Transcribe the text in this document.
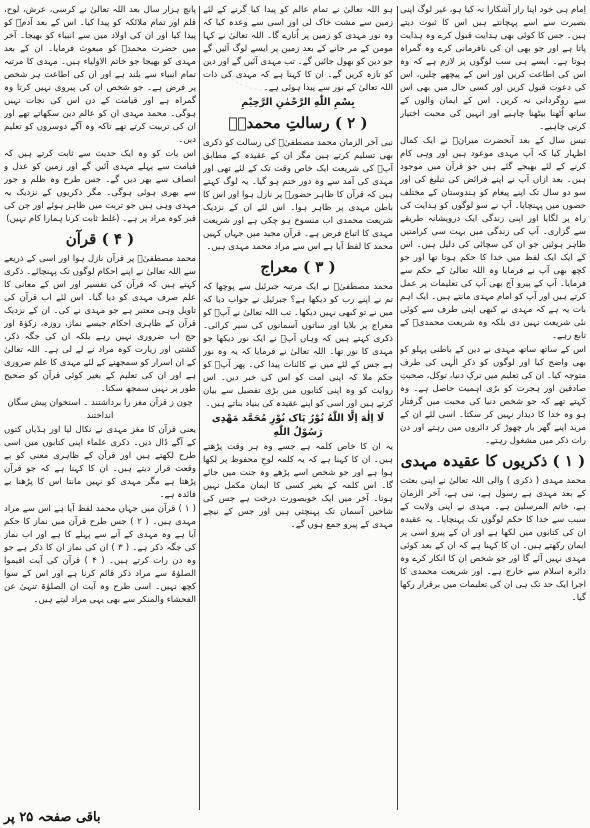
اِمام ہی خود اپنا راز آشکارا نہ کیا ہو، غیر لوگ اپنی بصیرت سے اسے پہچانتے ہیں اس کا ثبوت دیتے ہیں۔ جس کا کوئی بھی ہدایت قبول کرے وہ ہدایت پاتا ہے اور جو بھی ان کی نافرمانی کرے وہ گمراہ ہوتا ہے۔ ایسے ہی سب لوگوں پر لازم ہے کہ وہ اس کی اطاعت کریں اور اس کے پیچھے چلیں، اس کی دعوت قبول کریں اور کسی حال میں بھی اس سے روگردانی نہ کریں۔ اس کے ایمان والوں کے ساتھ اُٹھنا بیٹھنا چاہیے اور انہیں کی محبت اختیار کرنی چاہیے۔

تیس سال کے بعد آنحضرت میرانؑ نے ایک کمال اظہار کیا کہ آپ مہدی موعود ہیں اور وہی کام کرنے کے لئے بھیجے گئے ہیں جو قرآن میں موجود ہیں۔ بعد ازاں آپ نے اپنے فرائض کی تبلیغ کی اور سو دو سال تک اپنے پیغام کو ہندوستان کے مختلف حصوں میں پہنچایا۔ آپ نے سو لوگوں کو ہدایت کی راہ پر لگایا اور اپنی زندگی ایک درویشانہ طریقے سے گزاری۔ آپ کی زندگی میں بہت سی کرامتیں ظاہر ہوئیں جو ان کی سچائی کی دلیل ہیں۔ اس کے ایک ایک لفظ میں خدا کا حکم ہوتا تھا اور جو کچھ بھی آپ نے فرمایا وہ اللہ تعالیٰ کے حکم سے فرمایا۔ آپ کے پیرو آج بھی آپ کی تعلیمات پر عمل کرتے ہیں اور آپ کو امام مہدی مانتے ہیں۔ ایک اہم بات یہ ہے کہ مہدی نے کبھی اپنی طرف سے کوئی نئی شریعت نہیں دی بلکہ وہ شریعت محمدیؐ کے تابع رہے۔

اس کے ساتھ ساتھ مہدی نے دین کے باطنی پہلو کو بھی واضح کیا اور لوگوں کو ذکرِ الٰہی کی طرف متوجہ کیا۔ ان کی تعلیم میں ترکِ دنیا، توکل، صحبتِ صادقین اور ہجرت کو بڑی اہمیت حاصل ہے۔ وہ کہتے تھے کہ جو شخص دنیا کی محبت میں گرفتار ہو وہ خدا کا دیدار نہیں کر سکتا۔ اسی لئے ان کے مرید اپنے گھر بار چھوڑ کر دائروں میں رہتے اور دن رات ذکر میں مشغول رہتے۔

( ۱ ) ذکریوں کا عقیدہ مہدی

محمد مہدی ( ذکری ) والی اللہ تعالیٰ نے اپنی بعثت کے بعد مہدی ہے رسول ہے، نبی ہے، آخر الزمان ہے، خاتم المرسلین ہے۔ مہدی نے اپنی ولایت کے سبب سے خدا کا حکم لوگوں تک پہنچایا۔ یہ عقیدہ ان کی کتابوں میں لکھا ہے اور ان کے پیرو اسی پر ایمان رکھتے ہیں۔ ان کا کہنا ہے کہ ان کے بعد کوئی مہدی نہیں آئے گا اور جو شخص ان کا انکار کرے وہ دائرہ اسلام سے خارج ہے۔ اور شریعت محمدی کا اجرا ایک حد تک ہی ان کی تعلیمات میں برقرار رکھا گیا۔

ہو اللہ تعالیٰ نے تمام عالم کو پیدا کیا گرنے کے لئے زمین سے مشت خاک لی اور اسی سے وعدہ کیا کہ وہ نور مہدی کو زمین پر اُتارے گا۔ اللہ تعالیٰ نے کہا مومن کے مر جانے کے بعد زمین پر ایسے لوگ آئیں گے جو دین کو بھول جائیں گے۔ تب مہدی آئیں گے اور دین کو تازہ کریں گے۔ ان کا کہنا ہے کہ مہدی کی ذات اللہ تعالیٰ کے نور سے پیدا ہوئی ہے۔

بِسْمِ اللّٰهِ الرَّحْمٰنِ الرَّحِیْمِ

( ۲ ) رسالتِ محمدیؐ

نبی آخر الزمان محمد مصطفیٰؐ کی رسالت کو ذکری بھی تسلیم کرتے ہیں مگر ان کے عقیدہ کے مطابق آپؐ کی شریعت ایک خاص وقت تک کے لئے تھی اور مہدی کی آمد سے وہ دور ختم ہو گیا۔ یہ لوگ کہتے ہیں کہ قرآن کا ظاہر حضورؐ پر نازل ہوا اور اس کا باطن مہدی پر ظاہر ہوا۔ اس لئے ان کے نزدیک شریعت محمدی اب منسوخ ہو چکی ہے اور شریعت مہدی کا اتباع فرض ہے۔ قرآن مجید میں جہاں کہیں محمد کا لفظ آیا ہے اس سے مراد محمد مہدی ہیں۔

( ۳ ) معراج

محمد مصطفیٰؐ نے ایک مرتبہ جبرئیل سے پوچھا کہ تم نے اپنے رب کو دیکھا ہے؟ جبرئیل نے جواب دیا کہ میں نے تو کبھی نہیں دیکھا۔ تب اللہ تعالیٰ نے آپؐ کو معراج پر بلایا اور ساتوں آسمانوں کی سیر کرائی۔ ذکری کہتے ہیں کہ وہاں آپؐ نے ایک نور دیکھا جو مہدی کا نور تھا۔ اللہ تعالیٰ نے فرمایا کہ یہ وہ نور ہے جس کے لئے میں نے کائنات پیدا کی۔ پھر آپؐ کو حکم ملا کہ اپنی امت کو اس کی خبر دیں۔ اس روایت کو وہ اپنی کتابوں میں بڑی تفصیل سے بیان کرتے ہیں اور اسی کو اپنے عقیدہ کی بنیاد بناتے ہیں۔

لَا اِلٰهَ اِلَّا اللّٰهُ نُوْرُ پَاک نُوْرِ مُحَمَّد مَهْدِی رَسُوْلُ اللّٰهِ

یہ ان کا خاص کلمہ ہے جسے وہ ہر وقت پڑھتے ہیں۔ ان کا کہنا ہے کہ یہ کلمہ لوحِ محفوظ پر لکھا ہوا ہے اور جو شخص اسے پڑھے وہ جنت میں جائے گا۔ اس کلمہ کے بغیر کسی کا ایمان مکمل نہیں ہوتا۔ آخر میں ایک خوبصورت درخت ہے جس کی شاخیں آسمان تک پہنچتی ہیں اور جس کے نیچے مہدی کے پیرو جمع ہوں گے۔

پانچ ہزار سال بعد اللہ تعالیٰ نے کرسی، عرش، لوح، قلم اور تمام ملائکہ کو پیدا کیا۔ اس کے بعد آدمؑ کو پیدا کیا اور ان کی اولاد میں سے انبیاء کو بھیجا۔ آخر میں حضرت محمدؐ کو مبعوث فرمایا۔ ان کے بعد مہدی کو بھیجا جو خاتم الاولیاء ہیں۔ مہدی کا مرتبہ تمام انبیاء سے بلند ہے اور ان کی اطاعت ہر شخص پر فرض ہے۔ جو شخص ان کی پیروی نہیں کرتا وہ گمراہ ہے اور قیامت کے دن اس کی نجات نہیں ہوگی۔ محمد مہدی ان کو عالم دین سکھاتے تھے اور ان کی تربیت کرتے تھے تاکہ وہ آگے دوسروں کو تعلیم دیں۔

اس بات کو وہ ایک حدیث سے ثابت کرتے ہیں کہ قیامت سے پہلے مہدی آئیں گے اور زمین کو عدل و انصاف سے بھر دیں گے۔ جس طرح وہ ظلم و جور سے بھری ہوئی ہوگی۔ مگر ذکریوں کے نزدیک یہ مہدی وہی ہیں جو تربت میں ظاہر ہوئے اور جن کی قبر کوہ مراد پر ہے۔ (غلط ثابت کرنا ہمارا کام نہیں)

( ۴ ) قرآن

محمد مصطفیٰؐ پر قرآن نازل ہوا اور اسی کے ذریعے سے اللہ تعالیٰ نے اپنے احکام لوگوں تک پہنچائے۔ ذکری کہتے ہیں کہ قرآن کی تفسیر اور اس کے معانی کا علم صرف مہدی کو دیا گیا۔ اس لئے اب قرآن کی تاویل وہی معتبر ہے جو مہدی نے کی۔ ان کے نزدیک قرآن کے ظاہری احکام جیسے نماز، روزہ، زکوٰۃ اور حج اب ضروری نہیں رہے بلکہ ان کی جگہ ذکر، کشتی اور زیارت کوہ مراد نے لے لی ہے۔ اللہ تعالیٰ کے ان اسرار کو سمجھنے کے لئے مہدی کا علم ضروری ہے اور ان کی تعلیم کے بغیر کوئی قرآن کو صحیح طور پر نہیں سمجھ سکتا۔

چون ز قرآن مغز را برداشتند ۔ استخوان پیش سگان انداختند

یعنی قرآن کا مغز مہدی نے نکال لیا اور ہڈیاں کتوں کے آگے ڈال دیں۔ ذکری علماء اپنی کتابوں میں اسی طرح لکھتے ہیں اور قرآن کے ظاہری معنی کو بے وقعت قرار دیتے ہیں۔ ان کا کہنا ہے کہ جو قرآن پڑھتا ہے مگر مہدی کو نہیں مانتا اس کا پڑھنا بے فائدہ ہے۔

( ۱ ) قرآن میں جہاں محمد لفظ آیا ہے اس سے مراد مہدی ہیں۔ ( ۲ ) جس طرح قرآن میں نماز کا حکم آیا ہے وہ مہدی کے آنے سے پہلے کا ہے اور اب نماز کی جگہ ذکر ہے۔ ( ۳ ) ان کی نماز ان کا ذکر ہے جو وہ دن رات کرتے ہیں۔ ( ۴ ) قرآن کی آیت اقیموا الصلوٰۃ سے مراد ذکر قائم کرنا ہے اور اس کے سوا کچھ نہیں۔ اسی طرح وہ آیت ان الصلوٰۃ تنہیٰ عن الفحشاء والمنکر سے بھی یہی مراد لیتے ہیں۔

باقی صفحہ ۲۵ پر
